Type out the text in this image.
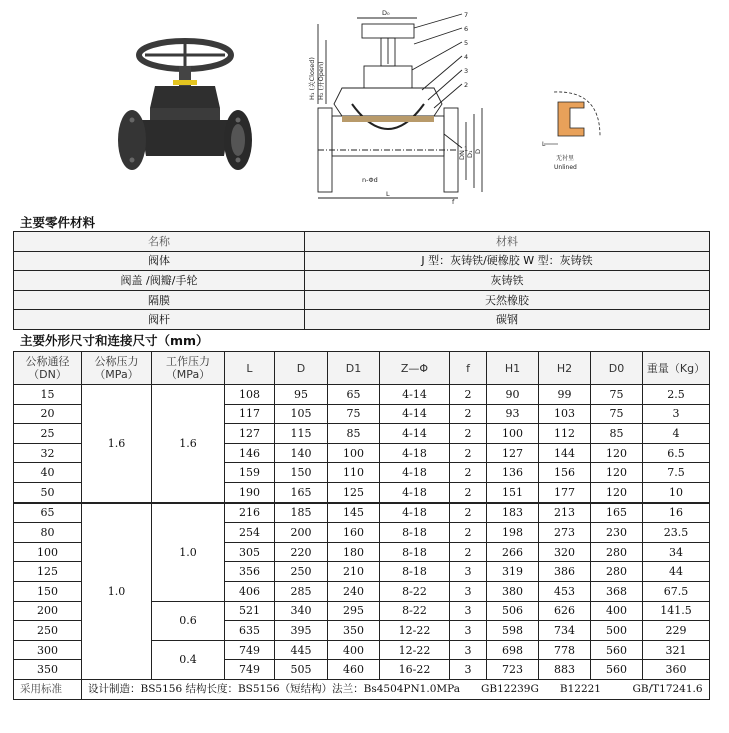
D₀	7
6
5
4
3
2
1
L
n-Φd
f
H₁ (关Closed) H₂ (开Open)
DN D₁ D
L
无衬里
Unlined
主要零件材料
名称	材料
阀体	J 型：灰铸铁/硬橡胶 W 型：灰铸铁
阀盖 /阀瓣/手轮	灰铸铁
隔膜	天然橡胶
阀杆	碳钢
主要外形尺寸和连接尺寸（mm）
公称通径（DN）	公称压力（MPa）	工作压力（MPa）	L	D	D1	Z—Φ	f	H1	H2	D0	重量（Kg）
15	1.6	1.6	108	95	65	4-14	2	90	99	75	2.5
20			117	105	75	4-14	2	93	103	75	3
25			127	115	85	4-14	2	100	112	85	4
32			146	140	100	4-18	2	127	144	120	6.5
40			159	150	110	4-18	2	136	156	120	7.5
50			190	165	125	4-18	2	151	177	120	10
65	1.0	1.0	216	185	145	4-18	2	183	213	165	16
80			254	200	160	8-18	2	198	273	230	23.5
100			305	220	180	8-18	2	266	320	280	34
125			356	250	210	8-18	3	319	386	280	44
150			406	285	240	8-22	3	380	453	368	67.5
200		0.6	521	340	295	8-22	3	506	626	400	141.5
250			635	395	350	12-22	3	598	734	500	229
300		0.4	749	445	400	12-22	3	698	778	560	321
350			749	505	460	16-22	3	723	883	560	360
采用标准	设计制造：BS5156 结构长度：BS5156（短结构）法兰：Bs4504PN1.0MPa　　GB12239G　　B12221　　　GB/T17241.6										
